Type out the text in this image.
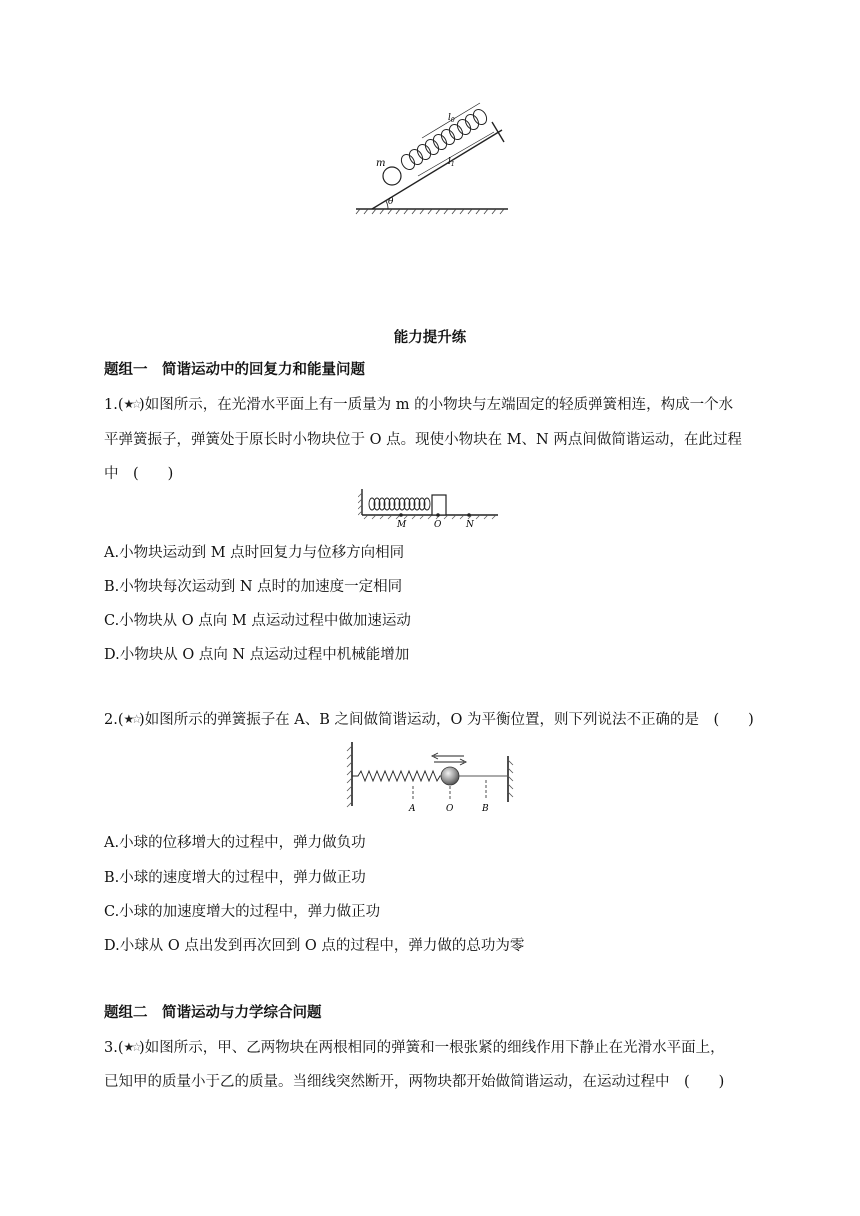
m
$l_0$
$l_1$
θ
能力提升练
题组一　简谐运动中的回复力和能量问题
1.(★☆)如图所示，在光滑水平面上有一质量为 m 的小物块与左端固定的轻质弹簧相连，构成一个水
平弹簧振子，弹簧处于原长时小物块位于 O 点。现使小物块在 M、N 两点间做简谐运动，在此过程
中　(　　)
M	O	N
A.小物块运动到 M 点时回复力与位移方向相同
B.小物块每次运动到 N 点时的加速度一定相同
C.小物块从 O 点向 M 点运动过程中做加速运动
D.小物块从 O 点向 N 点运动过程中机械能增加
2.(★☆)如图所示的弹簧振子在 A、B 之间做简谐运动，O 为平衡位置，则下列说法不正确的是　(　　)
A	O	B
A.小球的位移增大的过程中，弹力做负功
B.小球的速度增大的过程中，弹力做正功
C.小球的加速度增大的过程中，弹力做正功
D.小球从 O 点出发到再次回到 O 点的过程中，弹力做的总功为零
题组二　简谐运动与力学综合问题
3.(★☆)如图所示，甲、乙两物块在两根相同的弹簧和一根张紧的细线作用下静止在光滑水平面上，
已知甲的质量小于乙的质量。当细线突然断开，两物块都开始做简谐运动，在运动过程中　(　　)
